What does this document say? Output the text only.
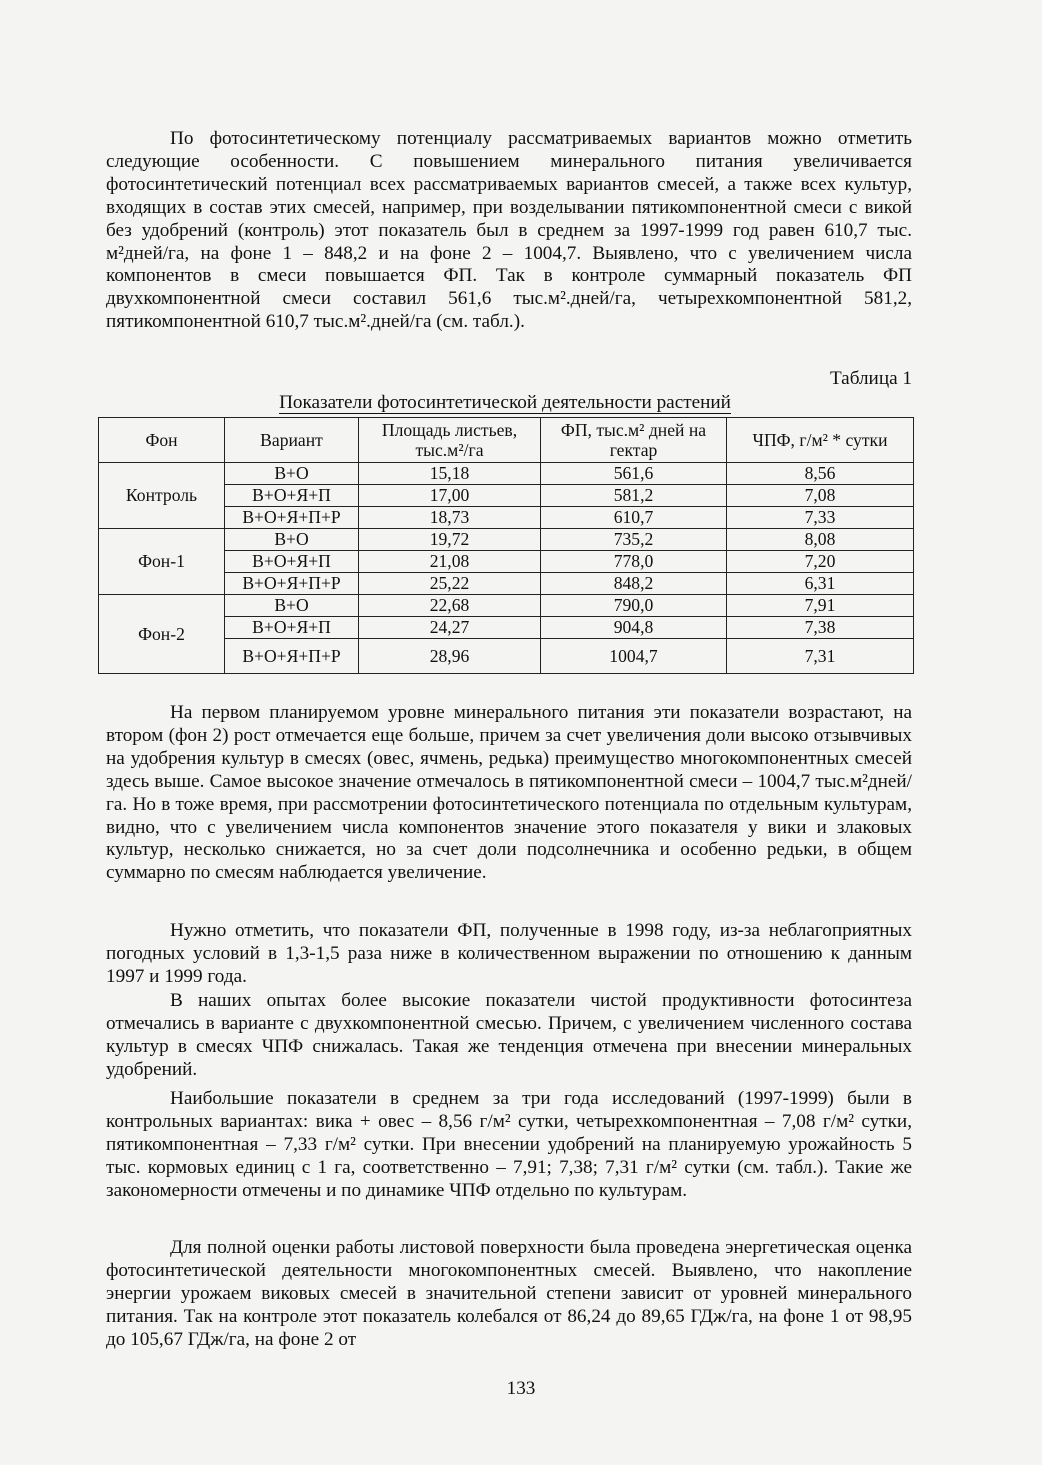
По фотосинтетическому потенциалу рассматриваемых вариантов можно отметить следующие особенности. С повышением минерального питания увеличивается фотосинтетический потенциал всех рассматриваемых вариантов смесей, а также всех культур, входящих в состав этих смесей, например, при возделывании пятикомпонентной смеси с викой без удобрений (контроль) этот показатель был в среднем за 1997-1999 год равен 610,7 тыс. м²дней/га, на фоне 1 – 848,2 и на фоне 2 – 1004,7. Выявлено, что с увеличением числа компонентов в смеси повышается ФП. Так в контроле суммарный показатель ФП двухкомпонентной смеси составил 561,6 тыс.м².дней/га, четырехкомпонентной 581,2, пятикомпонентной 610,7 тыс.м².дней/га (см. табл.).

Таблица 1
Показатели фотосинтетической деятельности растений
Фон	Вариант	Площадь листьев, тыс.м²/га	ФП, тыс.м² дней на гектар	ЧПФ, г/м² * сутки
Контроль	В+О	15,18	561,6	8,56
	В+О+Я+П	17,00	581,2	7,08
	В+О+Я+П+Р	18,73	610,7	7,33
Фон-1	В+О	19,72	735,2	8,08
	В+О+Я+П	21,08	778,0	7,20
	В+О+Я+П+Р	25,22	848,2	6,31
Фон-2	В+О	22,68	790,0	7,91
	В+О+Я+П	24,27	904,8	7,38
	В+О+Я+П+Р	28,96	1004,7	7,31

На первом планируемом уровне минерального питания эти показатели возрастают, на втором (фон 2) рост отмечается еще больше, причем за счет увеличения доли высоко отзывчивых на удобрения культур в смесях (овес, ячмень, редька) преимущество многокомпонентных смесей здесь выше. Самое высокое значение отмечалось в пятикомпонентной смеси – 1004,7 тыс.м²дней/га. Но в тоже время, при рассмотрении фотосинтетического потенциала по отдельным культурам, видно, что с увеличением числа компонентов значение этого показателя у вики и злаковых культур, несколько снижается, но за счет доли подсолнечника и особенно редьки, в общем суммарно по смесям наблюдается увеличение.

Нужно отметить, что показатели ФП, полученные в 1998 году, из-за неблагоприятных погодных условий в 1,3-1,5 раза ниже в количественном выражении по отношению к данным 1997 и 1999 года.

В наших опытах более высокие показатели чистой продуктивности фотосинтеза отмечались в варианте с двухкомпонентной смесью. Причем, с увеличением численного состава культур в смесях ЧПФ снижалась. Такая же тенденция отмечена при внесении минеральных удобрений.

Наибольшие показатели в среднем за три года исследований (1997-1999) были в контрольных вариантах: вика + овес – 8,56 г/м² сутки, четырехкомпонентная – 7,08 г/м² сутки, пятикомпонентная – 7,33 г/м² сутки. При внесении удобрений на планируемую урожайность 5 тыс. кормовых единиц с 1 га, соответственно – 7,91; 7,38; 7,31 г/м² сутки (см. табл.). Такие же закономерности отмечены и по динамике ЧПФ отдельно по культурам.

Для полной оценки работы листовой поверхности была проведена энергетическая оценка фотосинтетической деятельности многокомпонентных смесей. Выявлено, что накопление энергии урожаем виковых смесей в значительной степени зависит от уровней минерального питания. Так на контроле этот показатель колебался от 86,24 до 89,65 ГДж/га, на фоне 1 от 98,95 до 105,67 ГДж/га, на фоне 2 от

133
